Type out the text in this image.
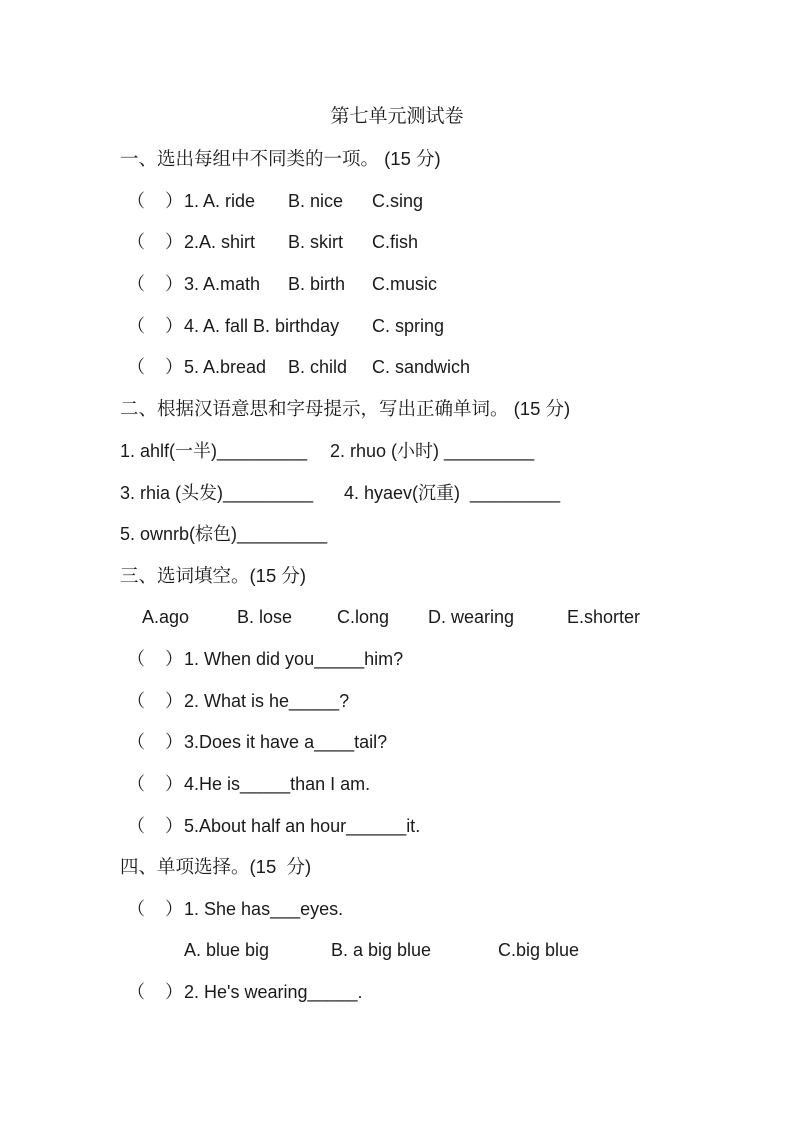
第七单元测试卷
一、选出每组中不同类的一项。 (15 分)
（    ） 1. A. ride B. nice C.sing
（    ） 2.A. shirt B. skirt C.fish
（    ） 3. A.math B. birth C.music
（    ） 4. A. fall B. birthday C. spring
（    ） 5. A.bread B. child C. sandwich
二、根据汉语意思和字母提示，写出正确单词。 (15 分)
1. ahlf(一半)_________ 2. rhuo (小时) _________
3. rhia (头发)_________ 4. hyaev(沉重)  _________
5. ownrb(棕色)_________
三、选词填空。(15 分)
A.ago	B. lose C.long D. wearing	E.shorter
（    ） 1. When did you_____him?
（    ） 2. What is he_____?
（    ） 3.Does it have a____tail?
（    ） 4.He is_____than I am.
（    ） 5.About half an hour______it.
四、单项选择。(15  分)
（    ） 1. She has___eyes.
A. blue big	B. a big blue	C.big blue
（    ） 2. He's wearing_____.
